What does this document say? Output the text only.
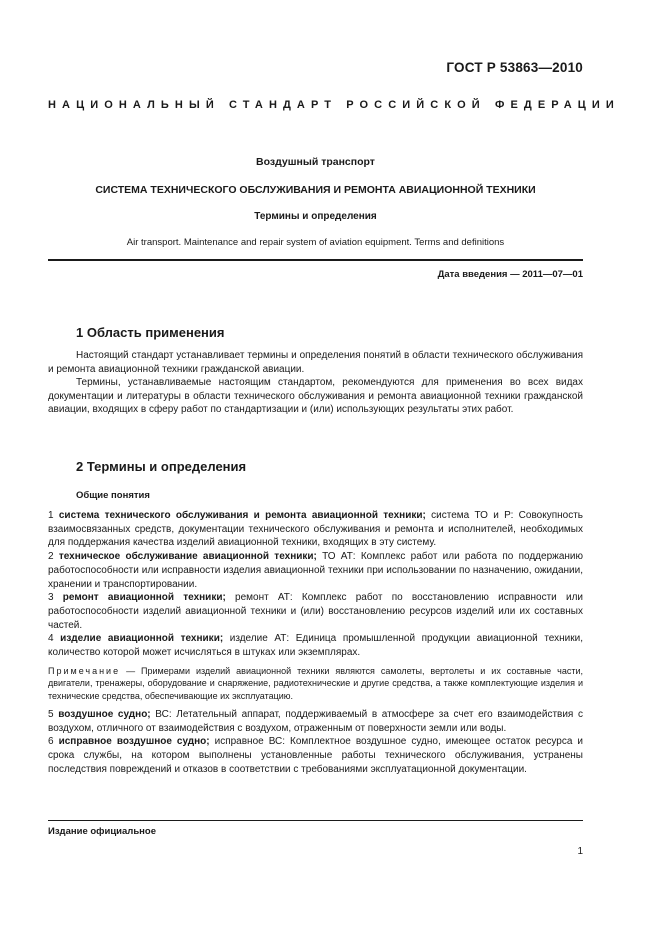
ГОСТ Р 53863—2010
НАЦИОНАЛЬНЫЙ СТАНДАРТ РОССИЙСКОЙ ФЕДЕРАЦИИ
Воздушный транспорт
СИСТЕМА ТЕХНИЧЕСКОГО ОБСЛУЖИВАНИЯ И РЕМОНТА АВИАЦИОННОЙ ТЕХНИКИ
Термины и определения
Air transport. Maintenance and repair system of aviation equipment. Terms and definitions
Дата введения — 2011—07—01
1 Область применения

Настоящий стандарт устанавливает термины и определения понятий в области технического обслуживания и ремонта авиационной техники гражданской авиации.

Термины, устанавливаемые настоящим стандартом, рекомендуются для применения во всех видах документации и литературы в области технического обслуживания и ремонта авиационной техники гражданской авиации, входящих в сферу работ по стандартизации и (или) использующих результаты этих работ.

2 Термины и определения
Общие понятия

1 система технического обслуживания и ремонта авиационной техники; система ТО и Р: Совокупность взаимосвязанных средств, документации технического обслуживания и ремонта и исполнителей, необходимых для поддержания качества изделий авиационной техники, входящих в эту систему.

2 техническое обслуживание авиационной техники; ТО АТ: Комплекс работ или работа по поддержанию работоспособности или исправности изделия авиационной техники при использовании по назначению, ожидании, хранении и транспортировании.

3 ремонт авиационной техники; ремонт АТ: Комплекс работ по восстановлению исправности или работоспособности изделий авиационной техники и (или) восстановлению ресурсов изделий или их составных частей.

4 изделие авиационной техники; изделие АТ: Единица промышленной продукции авиационной техники, количество которой может исчисляться в штуках или экземплярах.

Примечание — Примерами изделий авиационной техники являются самолеты, вертолеты и их составные части, двигатели, тренажеры, оборудование и снаряжение, радиотехнические и другие средства, а также комплектующие изделия и технические средства, обеспечивающие их эксплуатацию.

5 воздушное судно; ВС: Летательный аппарат, поддерживаемый в атмосфере за счет его взаимодействия с воздухом, отличного от взаимодействия с воздухом, отраженным от поверхности земли или воды.

6 исправное воздушное судно; исправное ВС: Комплектное воздушное судно, имеющее остаток ресурса и срока службы, на котором выполнены установленные работы технического обслуживания, устранены последствия повреждений и отказов в соответствии с требованиями эксплуатационной документации.

Издание официальное
1
